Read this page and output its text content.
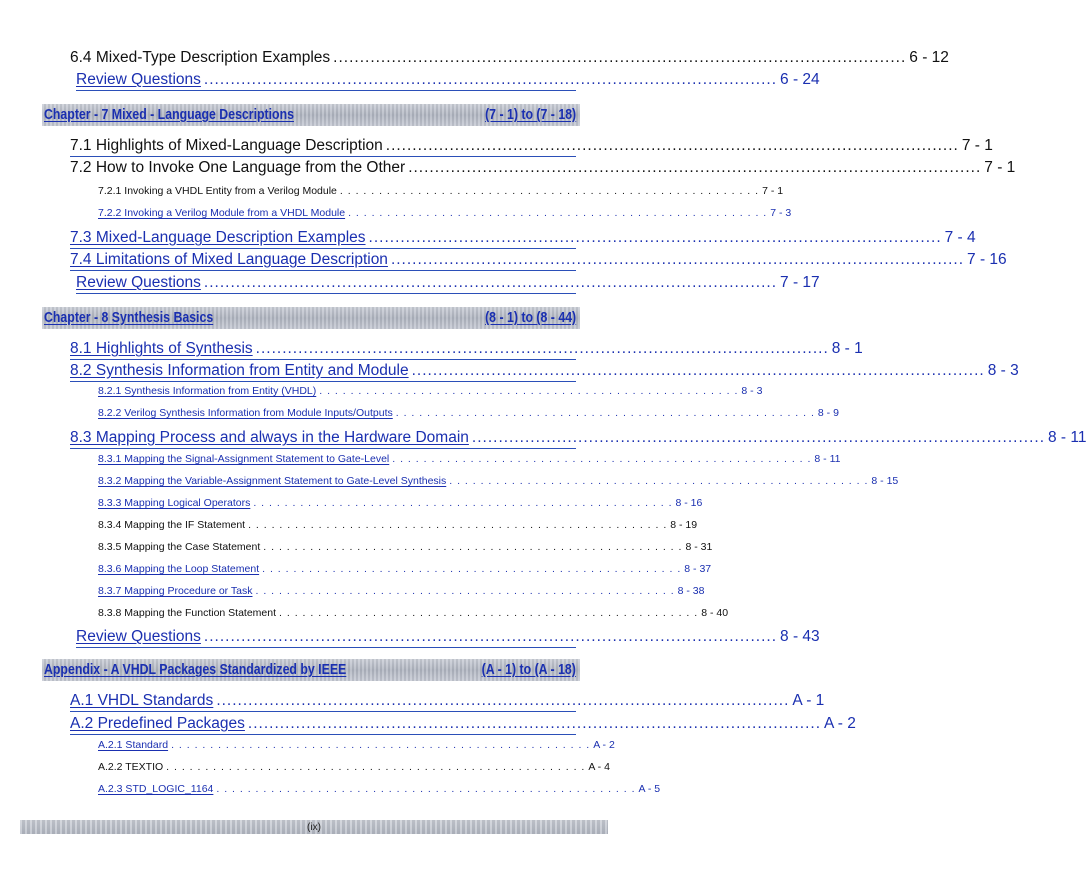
6.4 Mixed-Type Description Examples ............................................................................................................ 6 - 12
Review Questions ............................................................................................................ 6 - 24
Chapter - 7 Mixed - Language Descriptions	(7 - 1) to (7 - 18)
7.1 Highlights of Mixed-Language Description ............................................................................................................ 7 - 1
7.2 How to Invoke One Language from the Other ............................................................................................................ 7 - 1
7.2.1 Invoking a VHDL Entity from a Verilog Module . . . . . . . . . . . . . . . . . . . . . . . . . . . . . . . . . . . . . . . . . . . . . . . . . . . . . . 7 - 1
7.2.2 Invoking a Verilog Module from a VHDL Module . . . . . . . . . . . . . . . . . . . . . . . . . . . . . . . . . . . . . . . . . . . . . . . . . . . . . . 7 - 3
7.3 Mixed-Language Description Examples ............................................................................................................ 7 - 4
7.4 Limitations of Mixed Language Description ............................................................................................................ 7 - 16
Review Questions ............................................................................................................ 7 - 17
Chapter - 8 Synthesis Basics	(8 - 1) to (8 - 44)
8.1 Highlights of Synthesis ............................................................................................................ 8 - 1
8.2 Synthesis Information from Entity and Module ............................................................................................................ 8 - 3
8.2.1 Synthesis Information from Entity (VHDL) . . . . . . . . . . . . . . . . . . . . . . . . . . . . . . . . . . . . . . . . . . . . . . . . . . . . . . 8 - 3
8.2.2 Verilog Synthesis Information from Module Inputs/Outputs . . . . . . . . . . . . . . . . . . . . . . . . . . . . . . . . . . . . . . . . . . . . . . . . . . . . . . 8 - 9
8.3 Mapping Process and always in the Hardware Domain ............................................................................................................ 8 - 11
8.3.1 Mapping the Signal-Assignment Statement to Gate-Level . . . . . . . . . . . . . . . . . . . . . . . . . . . . . . . . . . . . . . . . . . . . . . . . . . . . . . 8 - 11
8.3.2 Mapping the Variable-Assignment Statement to Gate-Level Synthesis . . . . . . . . . . . . . . . . . . . . . . . . . . . . . . . . . . . . . . . . . . . . . . . . . . . . . . 8 - 15
8.3.3 Mapping Logical Operators . . . . . . . . . . . . . . . . . . . . . . . . . . . . . . . . . . . . . . . . . . . . . . . . . . . . . . 8 - 16
8.3.4 Mapping the IF Statement . . . . . . . . . . . . . . . . . . . . . . . . . . . . . . . . . . . . . . . . . . . . . . . . . . . . . . 8 - 19
8.3.5 Mapping the Case Statement . . . . . . . . . . . . . . . . . . . . . . . . . . . . . . . . . . . . . . . . . . . . . . . . . . . . . . 8 - 31
8.3.6 Mapping the Loop Statement . . . . . . . . . . . . . . . . . . . . . . . . . . . . . . . . . . . . . . . . . . . . . . . . . . . . . . 8 - 37
8.3.7 Mapping Procedure or Task . . . . . . . . . . . . . . . . . . . . . . . . . . . . . . . . . . . . . . . . . . . . . . . . . . . . . . 8 - 38
8.3.8 Mapping the Function Statement . . . . . . . . . . . . . . . . . . . . . . . . . . . . . . . . . . . . . . . . . . . . . . . . . . . . . . 8 - 40
Review Questions ............................................................................................................ 8 - 43
Appendix - A VHDL Packages Standardized by IEEE	(A - 1) to (A - 18)
A.1 VHDL Standards ............................................................................................................ A - 1
A.2 Predefined Packages ............................................................................................................ A - 2
A.2.1 Standard . . . . . . . . . . . . . . . . . . . . . . . . . . . . . . . . . . . . . . . . . . . . . . . . . . . . . . A - 2
A.2.2 TEXTIO . . . . . . . . . . . . . . . . . . . . . . . . . . . . . . . . . . . . . . . . . . . . . . . . . . . . . . A - 4
A.2.3 STD_LOGIC_1164 . . . . . . . . . . . . . . . . . . . . . . . . . . . . . . . . . . . . . . . . . . . . . . . . . . . . . . A - 5
(ix)
